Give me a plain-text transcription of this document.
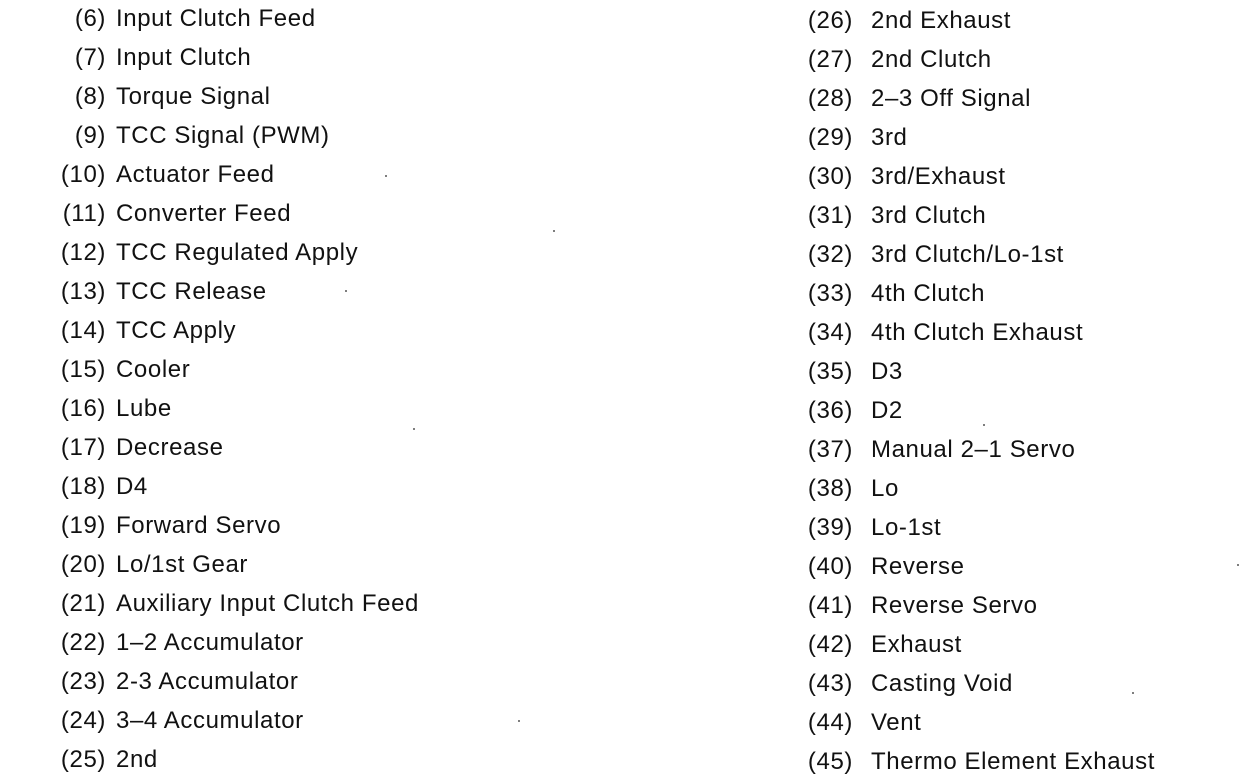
(6) Input Clutch Feed
(7) Input Clutch
(8) Torque Signal
(9) TCC Signal (PWM)
(10) Actuator Feed
(11) Converter Feed
(12) TCC Regulated Apply
(13) TCC Release
(14) TCC Apply
(15) Cooler
(16) Lube
(17) Decrease
(18) D4
(19) Forward Servo
(20) Lo/1st Gear
(21) Auxiliary Input Clutch Feed
(22) 1–2 Accumulator
(23) 2-3 Accumulator
(24) 3–4 Accumulator
(25) 2nd
(26) 2nd Exhaust
(27) 2nd Clutch
(28) 2–3 Off Signal
(29) 3rd
(30) 3rd/Exhaust
(31) 3rd Clutch
(32) 3rd Clutch/Lo-1st
(33) 4th Clutch
(34) 4th Clutch Exhaust
(35) D3
(36) D2
(37) Manual 2–1 Servo
(38) Lo
(39) Lo-1st
(40) Reverse
(41) Reverse Servo
(42) Exhaust
(43) Casting Void
(44) Vent
(45) Thermo Element Exhaust
